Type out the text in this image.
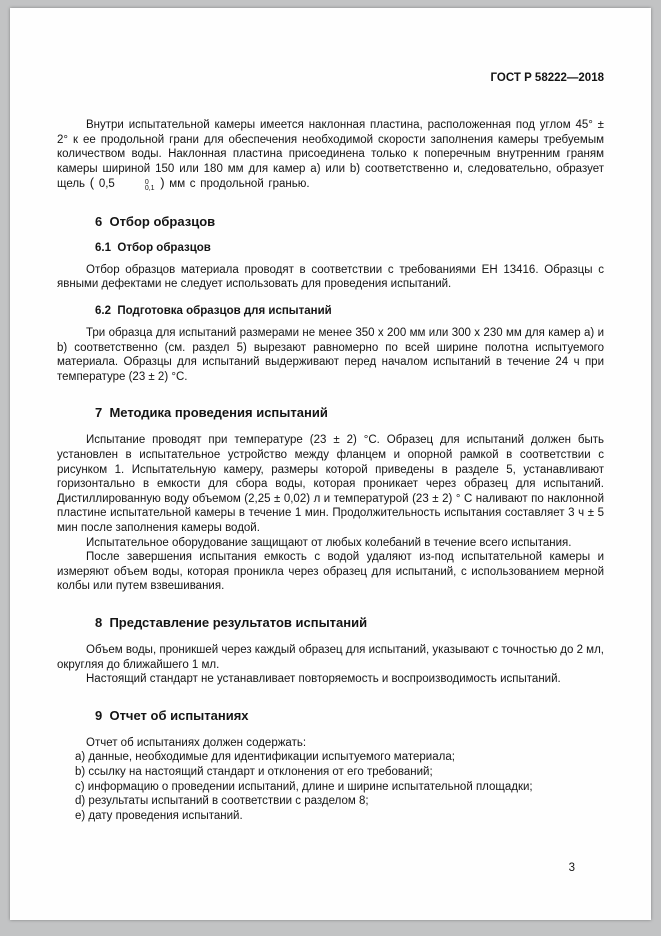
ГОСТ Р 58222—2018

Внутри испытательной камеры имеется наклонная пластина, расположенная под углом 45° ± 2° к ее продольной грани для обеспечения необходимой скорости заполнения камеры требуемым количеством воды. Наклонная пластина присоединена только к поперечным внутренним граням камеры шириной 150 или 180 мм для камер a) или b) соответственно и, следовательно, образует щель ( 0,5	0
0,1 ) мм с продольной гранью.

6  Отбор образцов
6.1  Отбор образцов

Отбор образцов материала проводят в соответствии с требованиями ЕН 13416. Образцы с явными дефектами не следует использовать для проведения испытаний.

6.2  Подготовка образцов для испытаний

Три образца для испытаний размерами не менее 350 x 200 мм или 300 x 230 мм для камер a) и b) соответственно (см. раздел 5) вырезают равномерно по всей ширине полотна испытуемого материала. Образцы для испытаний выдерживают перед началом испытаний в течение 24 ч при температуре (23 ± 2) °С.

7  Методика проведения испытаний

Испытание проводят при температуре (23 ± 2) °С. Образец для испытаний должен быть установлен в испытательное устройство между фланцем и опорной рамкой в соответствии с рисунком 1. Испытательную камеру, размеры которой приведены в разделе 5, устанавливают горизонтально в емкости для сбора воды, которая проникает через образец для испытаний. Дистиллированную воду объемом (2,25 ± 0,02) л и температурой (23 ± 2) ° С наливают по наклонной пластине испытательной камеры в течение 1 мин. Продолжительность испытания составляет 3 ч ± 5 мин после заполнения камеры водой.

Испытательное оборудование защищают от любых колебаний в течение всего испытания.

После завершения испытания емкость с водой удаляют из-под испытательной камеры и измеряют объем воды, которая проникла через образец для испытаний, с использованием мерной колбы или путем взвешивания.

8  Представление результатов испытаний

Объем воды, проникшей через каждый образец для испытаний, указывают с точностью до 2 мл, округляя до ближайшего 1 мл.

Настоящий стандарт не устанавливает повторяемость и воспроизводимость испытаний.

9  Отчет об испытаниях

Отчет об испытаниях должен содержать:

а) данные, необходимые для идентификации испытуемого материала;

b) ссылку на настоящий стандарт и отклонения от его требований;

c) информацию о проведении испытаний, длине и ширине испытательной площадки;

d) результаты испытаний в соответствии с разделом 8;

e) дату проведения испытаний.

3
